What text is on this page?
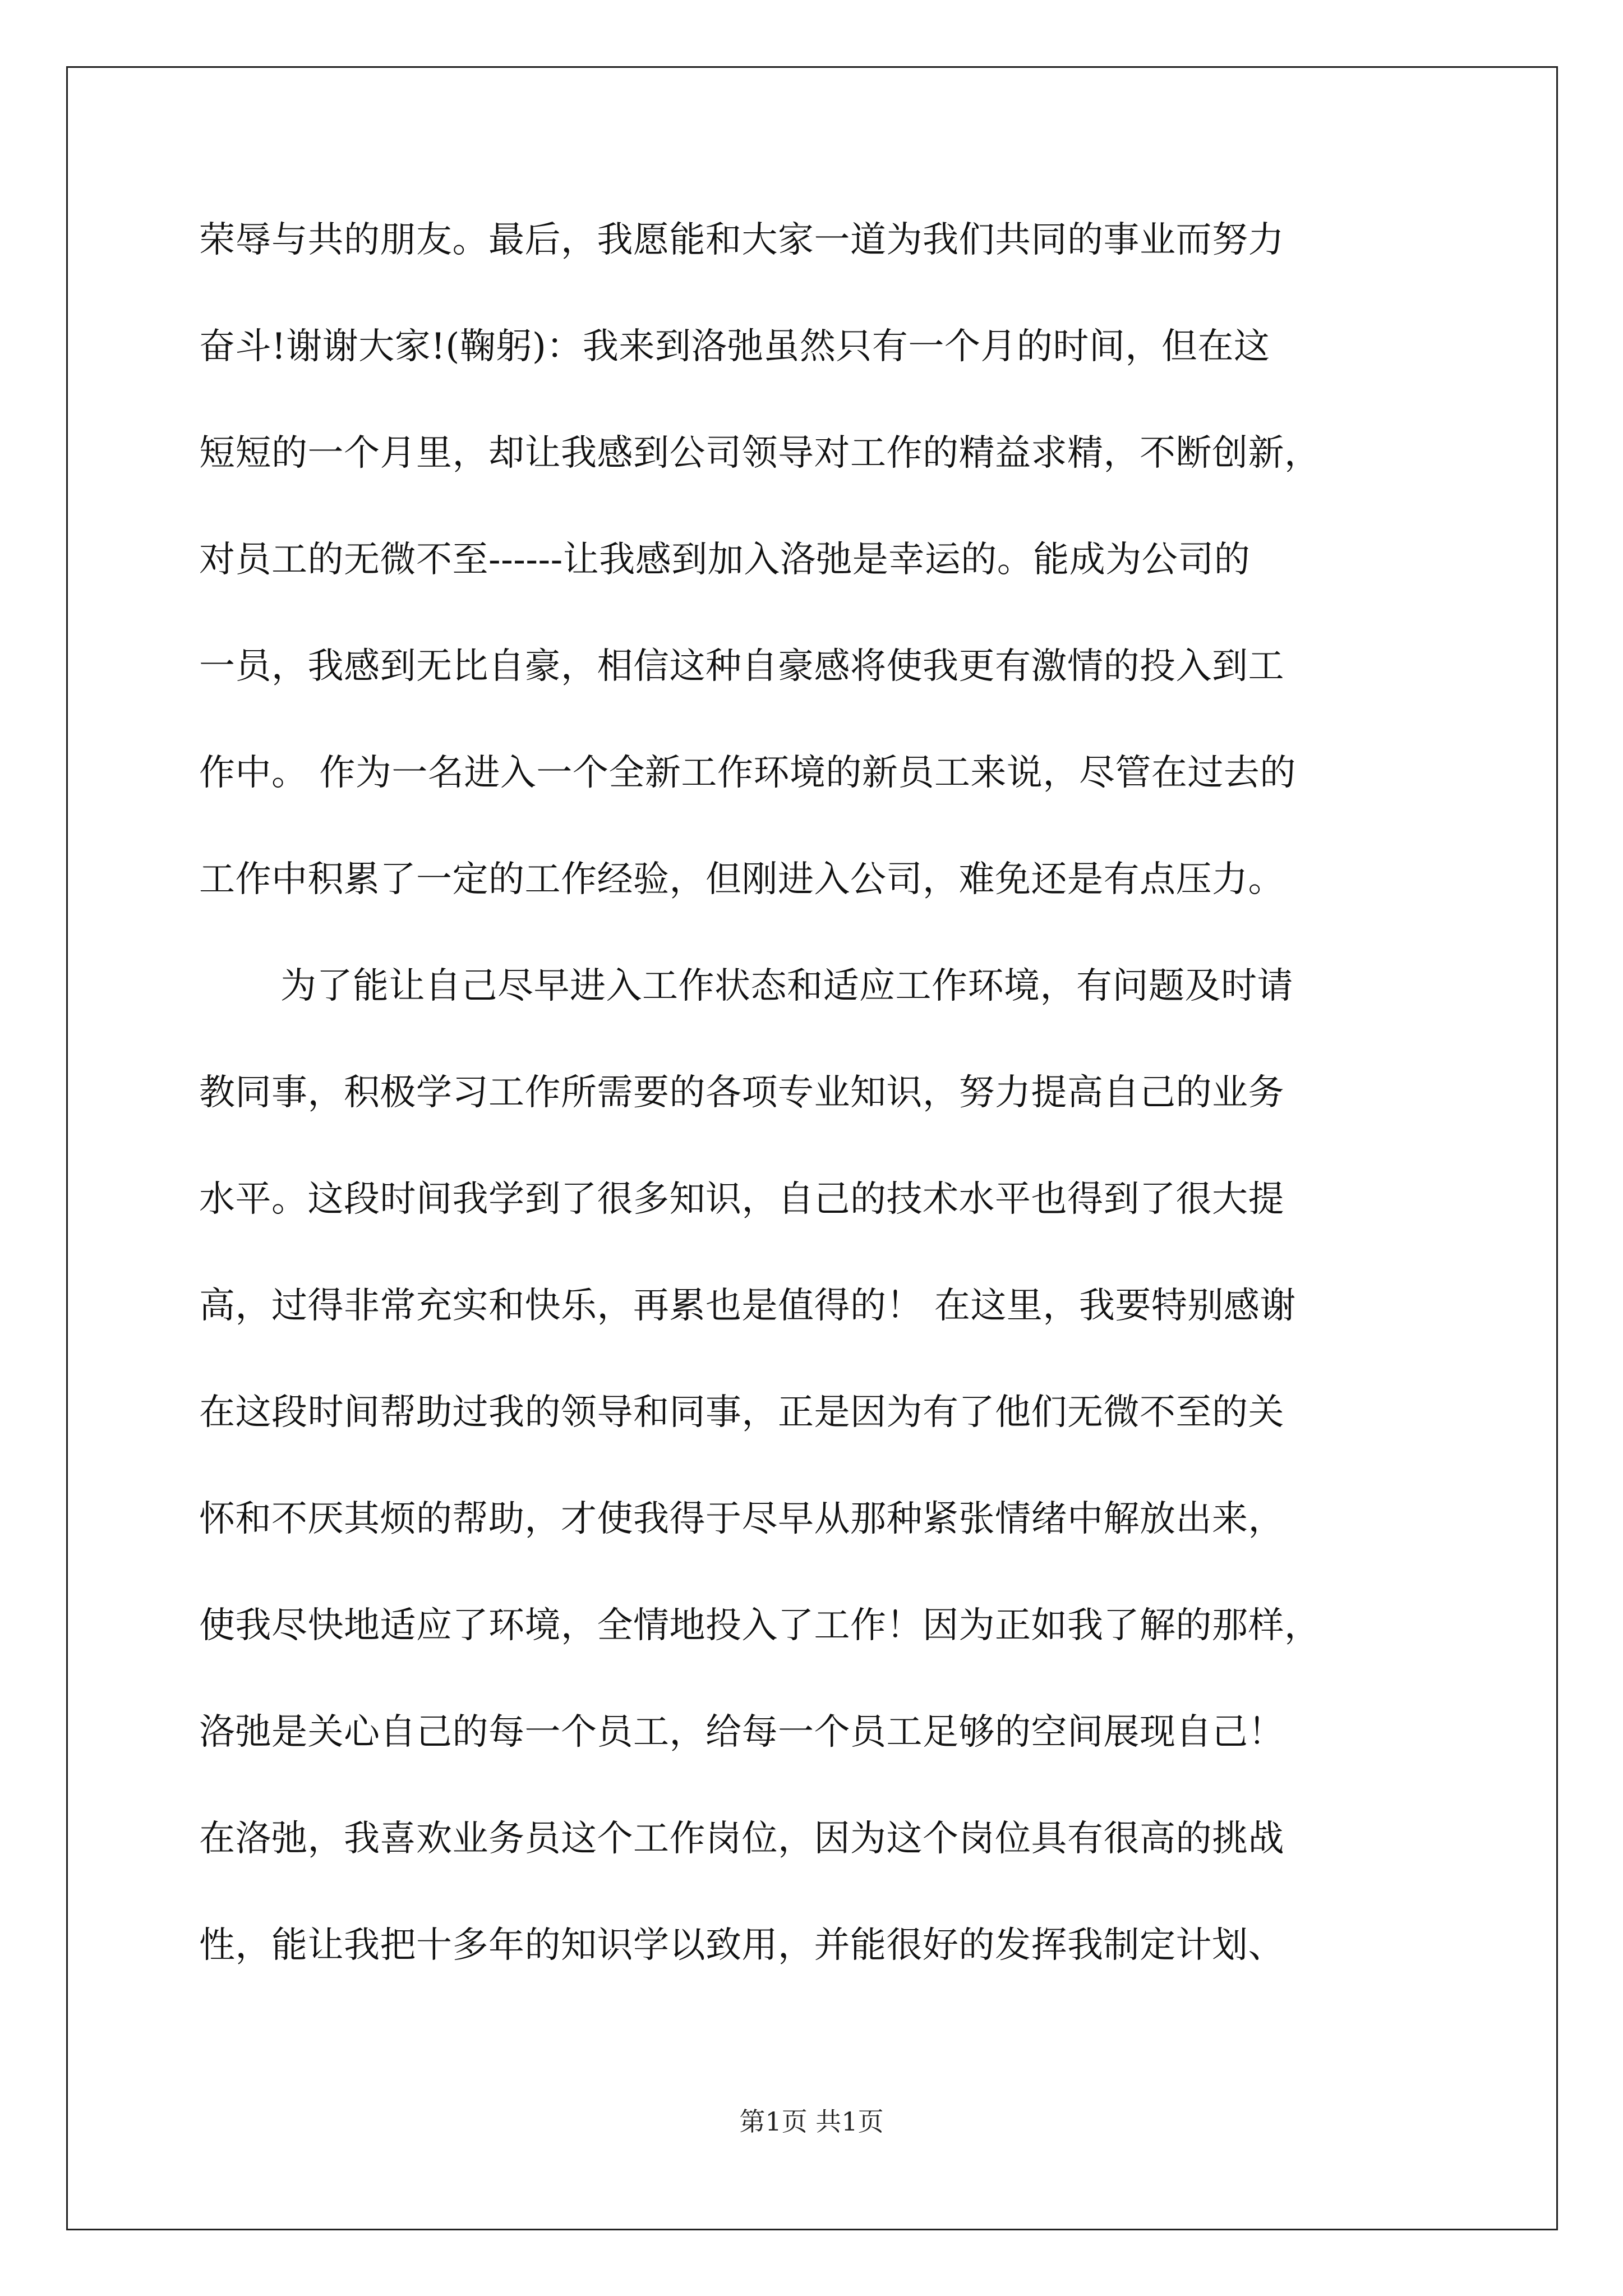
荣辱与共的朋友。最后，我愿能和大家一道为我们共同的事业而努力
奋斗!谢谢大家!(鞠躬)：我来到洛弛虽然只有一个月的时间，但在这
短短的一个月里，却让我感到公司领导对工作的精益求精，不断创新，
对员工的无微不至------让我感到加入洛弛是幸运的。能成为公司的
一员，我感到无比自豪，相信这种自豪感将使我更有激情的投入到工
作中。 作为一名进入一个全新工作环境的新员工来说，尽管在过去的
工作中积累了一定的工作经验，但刚进入公司，难免还是有点压力。
为了能让自己尽早进入工作状态和适应工作环境，有问题及时请
教同事，积极学习工作所需要的各项专业知识，努力提高自己的业务
水平。这段时间我学到了很多知识，自己的技术水平也得到了很大提
高，过得非常充实和快乐，再累也是值得的！ 在这里，我要特别感谢
在这段时间帮助过我的领导和同事，正是因为有了他们无微不至的关
怀和不厌其烦的帮助，才使我得于尽早从那种紧张情绪中解放出来，
使我尽快地适应了环境，全情地投入了工作！因为正如我了解的那样，
洛弛是关心自己的每一个员工，给每一个员工足够的空间展现自己！
在洛弛，我喜欢业务员这个工作岗位，因为这个岗位具有很高的挑战
性，能让我把十多年的知识学以致用，并能很好的发挥我制定计划、
第1页 共1页
